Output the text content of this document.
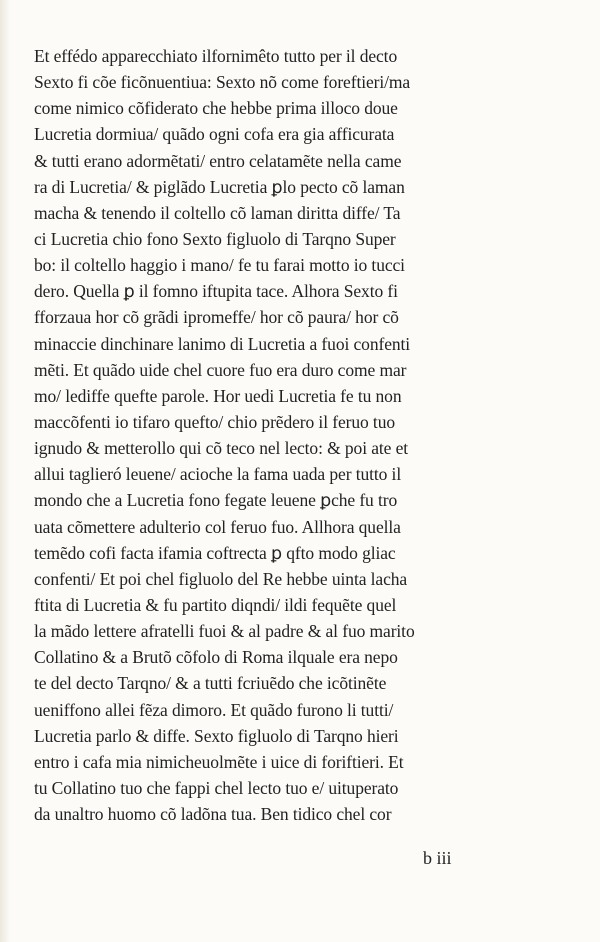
Et effédo apparecchiato ilfornimêto tutto per il decto
Sexto fi cõe ficõnuentiua: Sexto nõ come foreftieri/ma
come nimico cõfiderato che hebbe prima illoco doue
Lucretia dormiua/ quãdo ogni cofa era gia afficurata
& tutti erano adormẽtati/ entro celatamẽte nella came
ra di Lucretia/ & piglãdo Lucretia ꝑlo pecto cõ laman
macha & tenendo il coltello cõ laman diritta diffe/ Ta
ci Lucretia chio fono Sexto figluolo di Tarqno Super
bo: il coltello haggio i mano/ fe tu farai motto io tucci
dero. Quella ꝑ il fomno iftupita tace. Alhora Sexto fi
fforzaua hor cõ grãdi ipromeffe/ hor cõ paura/ hor cõ
minaccie dinchinare lanimo di Lucretia a fuoi confenti
mẽti. Et quãdo uide chel cuore fuo era duro come mar
mo/ lediffe quefte parole. Hor uedi Lucretia fe tu non
maccõfenti io tifaro quefto/ chio prẽdero il feruo tuo
ignudo & metterollo qui cõ teco nel lecto: & poi ate et
allui taglieró leuene/ acioche la fama uada per tutto il
mondo che a Lucretia fono fegate leuene ꝑche fu tro
uata cõmettere adulterio col feruo fuo. Allhora quella
temẽdo cofi facta ifamia coftrecta ꝑ qfto modo gliac
confenti/ Et poi chel figluolo del Re hebbe uinta lacha
ftita di Lucretia & fu partito diqndi/ ildi fequẽte quel
la mãdo lettere afratelli fuoi & al padre & al fuo marito
Collatino & a Brutõ cõfolo di Roma ilquale era nepo
te del decto Tarqno/ & a tutti fcriuẽdo che icõtinẽte
ueniffono allei fẽza dimoro. Et quãdo furono li tutti/
Lucretia parlo & diffe. Sexto figluolo di Tarqno hieri
entro i cafa mia nimicheuolmẽte i uice di foriftieri. Et
tu Collatino tuo che fappi chel lecto tuo e/ uituperato
da unaltro huomo cõ ladõna tua. Ben tidico chel cor
b iii
